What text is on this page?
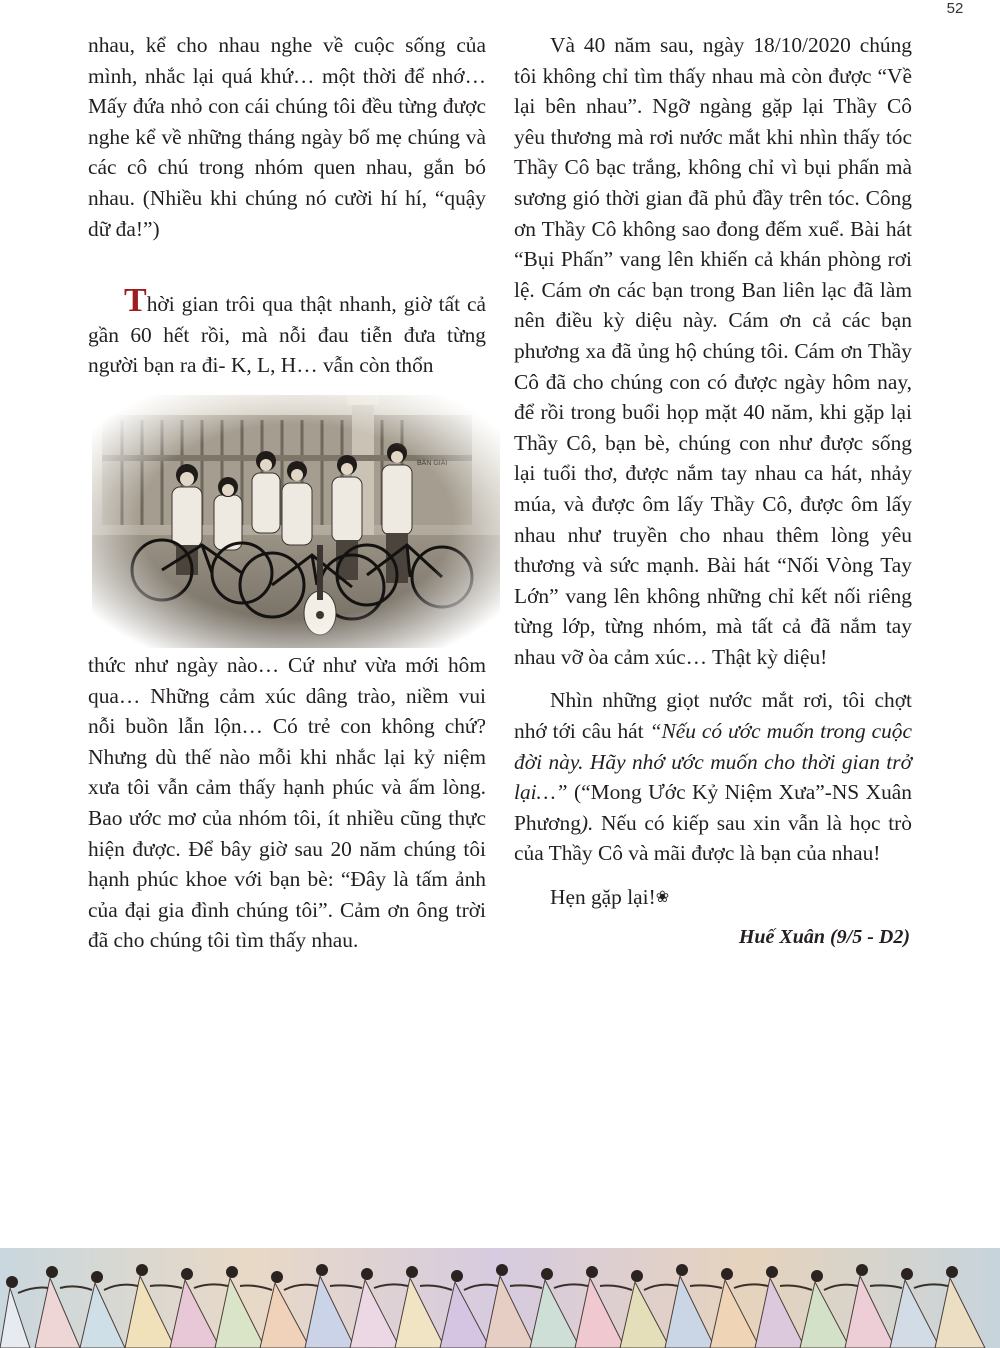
52

nhau, kể cho nhau nghe về cuộc sống của mình, nhắc lại quá khứ… một thời để nhớ… Mấy đứa nhỏ con cái chúng tôi đều từng được nghe kể về những tháng ngày bố mẹ chúng và các cô chú trong nhóm quen nhau, gắn bó nhau. (Nhiều khi chúng nó cười hí hí, “quậy dữ đa!”)

Thời gian trôi qua thật nhanh, giờ tất cả gần 60 hết rồi, mà nỗi đau tiễn đưa từng người bạn ra đi- K, L, H… vẫn còn thổn

thức như ngày nào… Cứ như vừa mới hôm qua… Những cảm xúc dâng trào, niềm vui nỗi buồn lẫn lộn… Có trẻ con không chứ? Nhưng dù thế nào mỗi khi nhắc lại kỷ niệm xưa tôi vẫn cảm thấy hạnh phúc và ấm lòng. Bao ước mơ của nhóm tôi, ít nhiều cũng thực hiện được. Để bây giờ sau 20 năm chúng tôi hạnh phúc khoe với bạn bè: “Đây là tấm ảnh của đại gia đình chúng tôi”. Cảm ơn ông trời đã cho chúng tôi tìm thấy nhau.

Và 40 năm sau, ngày 18/10/2020 chúng tôi không chỉ tìm thấy nhau mà còn được “Về lại bên nhau”. Ngỡ ngàng gặp lại Thầy Cô yêu thương mà rơi nước mắt khi nhìn thấy tóc Thầy Cô bạc trắng, không chỉ vì bụi phấn mà sương gió thời gian đã phủ đầy trên tóc. Công ơn Thầy Cô không sao đong đếm xuể. Bài hát “Bụi Phấn” vang lên khiến cả khán phòng rơi lệ. Cám ơn các bạn trong Ban liên lạc đã làm nên điều kỳ diệu này. Cám ơn cả các bạn phương xa đã ủng hộ chúng tôi. Cám ơn Thầy Cô đã cho chúng con có được ngày hôm nay, để rồi trong buổi họp mặt 40 năm, khi gặp lại Thầy Cô, bạn bè, chúng con như được sống lại tuổi thơ, được nắm tay nhau ca hát, nhảy múa, và được ôm lấy Thầy Cô, được ôm lấy nhau như truyền cho nhau thêm lòng yêu thương và sức mạnh. Bài hát “Nối Vòng Tay Lớn” vang lên không những chỉ kết nối riêng từng lớp, từng nhóm, mà tất cả đã nắm tay nhau vỡ òa cảm xúc… Thật kỳ diệu!

Nhìn những giọt nước mắt rơi, tôi chợt nhớ tới câu hát “Nếu có ước muốn trong cuộc đời này. Hãy nhớ ước muốn cho thời gian trở lại…” (“Mong Ước Kỷ Niệm Xưa”-NS Xuân Phương). Nếu có kiếp sau xin vẫn là học trò của Thầy Cô và mãi được là bạn của nhau!

Hẹn gặp lại!❀

Huế Xuân (9/5 - D2)
